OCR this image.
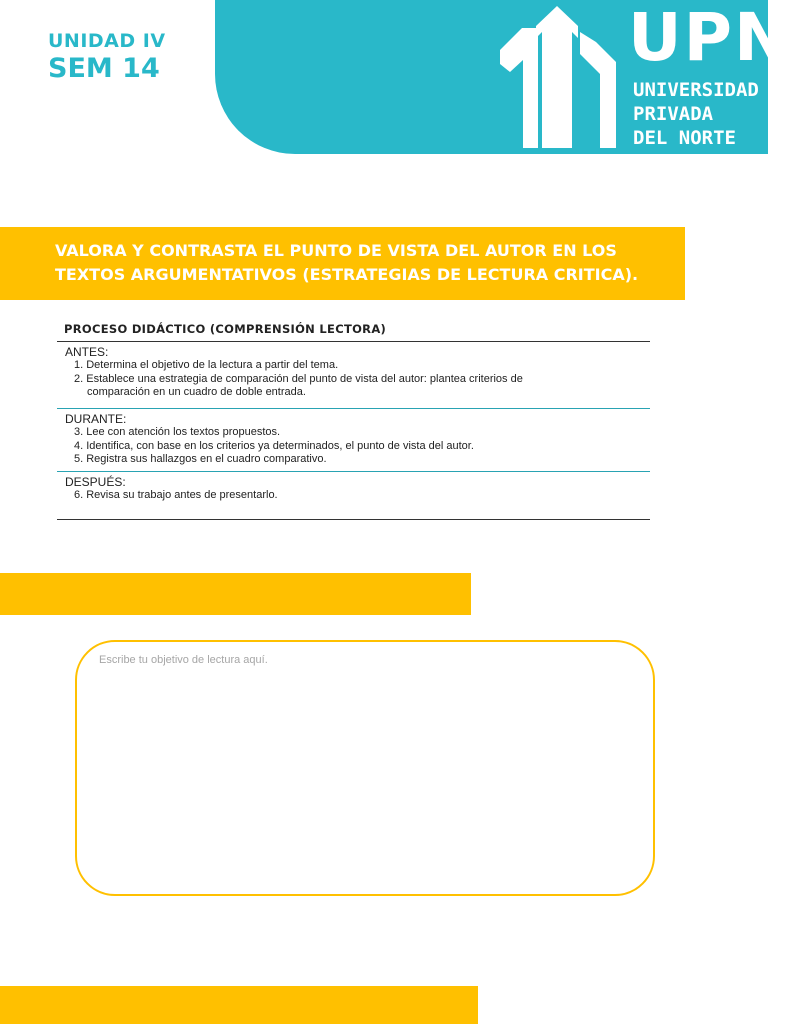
UNIDAD IV
SEM 14	UPN
UNIVERSIDAD
PRIVADA
DEL NORTE
VALORA Y CONTRASTA EL PUNTO DE VISTA DEL AUTOR EN LOS
TEXTOS ARGUMENTATIVOS (ESTRATEGIAS DE LECTURA CRITICA).
PROCESO DIDÁCTICO (COMPRENSIÓN LECTORA)
ANTES:
1. Determina el objetivo de la lectura a partir del tema.
2. Establece una estrategia de comparación del punto de vista del autor: plantea criterios de
comparación en un cuadro de doble entrada.
DURANTE:
3. Lee con atención los textos propuestos.
4. Identifica, con base en los criterios ya determinados, el punto de vista del autor.
5. Registra sus hallazgos en el cuadro comparativo.
DESPUÉS:
6. Revisa su trabajo antes de presentarlo.
Escribe tu objetivo de lectura aquí.
